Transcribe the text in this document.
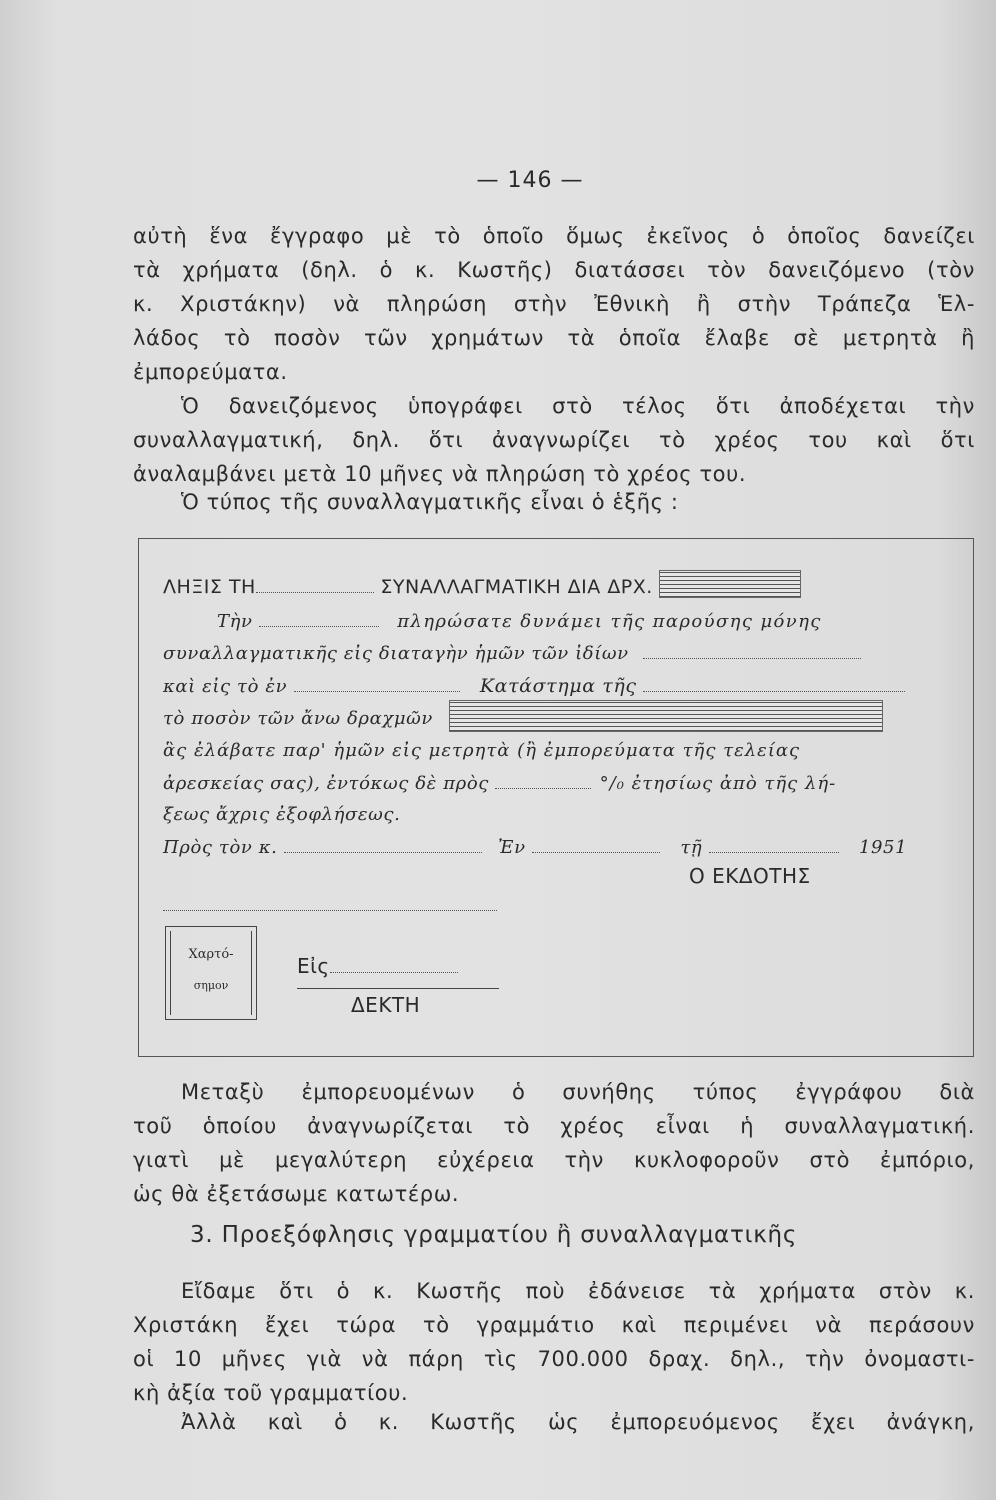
— 146 —
αὐτὴ ἕνα ἔγγραφο μὲ τὸ ὁποῖο ὅμως ἐκεῖνος ὁ ὁποῖος δανείζει
τὰ χρήματα (δηλ. ὁ κ. Κωστῆς) διατάσσει τὸν δανειζόμενο (τὸν
κ. Χριστάκην) νὰ πληρώση στὴν Ἐθνικὴ ἢ στὴν Τράπεζα Ἑλ-
λάδος τὸ ποσὸν τῶν χρημάτων τὰ ὁποῖα ἔλαβε σὲ μετρητὰ ἢ
ἐμπορεύματα.
Ὁ δανειζόμενος ὑπογράφει στὸ τέλος ὅτι ἀποδέχεται τὴν
συναλλαγματική, δηλ. ὅτι ἀναγνωρίζει τὸ χρέος του καὶ ὅτι
ἀναλαμβάνει μετὰ 10 μῆνες νὰ πληρώση τὸ χρέος του.
Ὁ τύπος τῆς συναλλαγματικῆς εἶναι ὁ ἑξῆς :
ΛΗΞΙΣ ΤΗ	ΣΥΝΑΛΛΑΓΜΑΤΙΚΗ ΔΙΑ ΔΡΧ.
Τὴν	πληρώσατε δυνάμει τῆς παρούσης μόνης
συναλλαγματικῆς εἰς διαταγὴν ἡμῶν τῶν ἰδίων
καὶ εἰς τὸ ἐν	Κατάστημα τῆς
τὸ ποσὸν τῶν ἄνω δραχμῶν
ἃς ἐλάβατε παρ' ἡμῶν εἰς μετρητὰ (ἢ ἐμπορεύματα τῆς τελείας
ἀρεσκείας σας), ἐντόκως δὲ πρὸς	°/₀ ἐτησίως ἀπὸ τῆς λή-
ξεως ἄχρις ἐξοφλήσεως.
Πρὸς τὸν κ.	Ἐν	τῇ	1951
Ο ΕΚΔΟΤΗΣ
Χαρτό-
σημον
Εἰς
ΔΕΚΤΗ
Μεταξὺ ἐμπορευομένων ὁ συνήθης τύπος ἐγγράφου διὰ
τοῦ ὁποίου ἀναγνωρίζεται τὸ χρέος εἶναι ἡ συναλλαγματική.
γιατὶ μὲ μεγαλύτερη εὐχέρεια τὴν κυκλοφοροῦν στὸ ἐμπόριο,
ὡς θὰ ἐξετάσωμε κατωτέρω.
3. Προεξόφλησις γραμματίου ἢ συναλλαγματικῆς
Εἴδαμε ὅτι ὁ κ. Κωστῆς ποὺ ἐδάνεισε τὰ χρήματα στὸν κ.
Χριστάκη ἔχει τώρα τὸ γραμμάτιο καὶ περιμένει νὰ περάσουν
οἱ 10 μῆνες γιὰ νὰ πάρη τὶς 700.000 δραχ. δηλ., τὴν ὀνομαστι-
κὴ ἀξία τοῦ γραμματίου.
Ἀλλὰ καὶ ὁ κ. Κωστῆς ὡς ἐμπορευόμενος ἔχει ἀνάγκη,
